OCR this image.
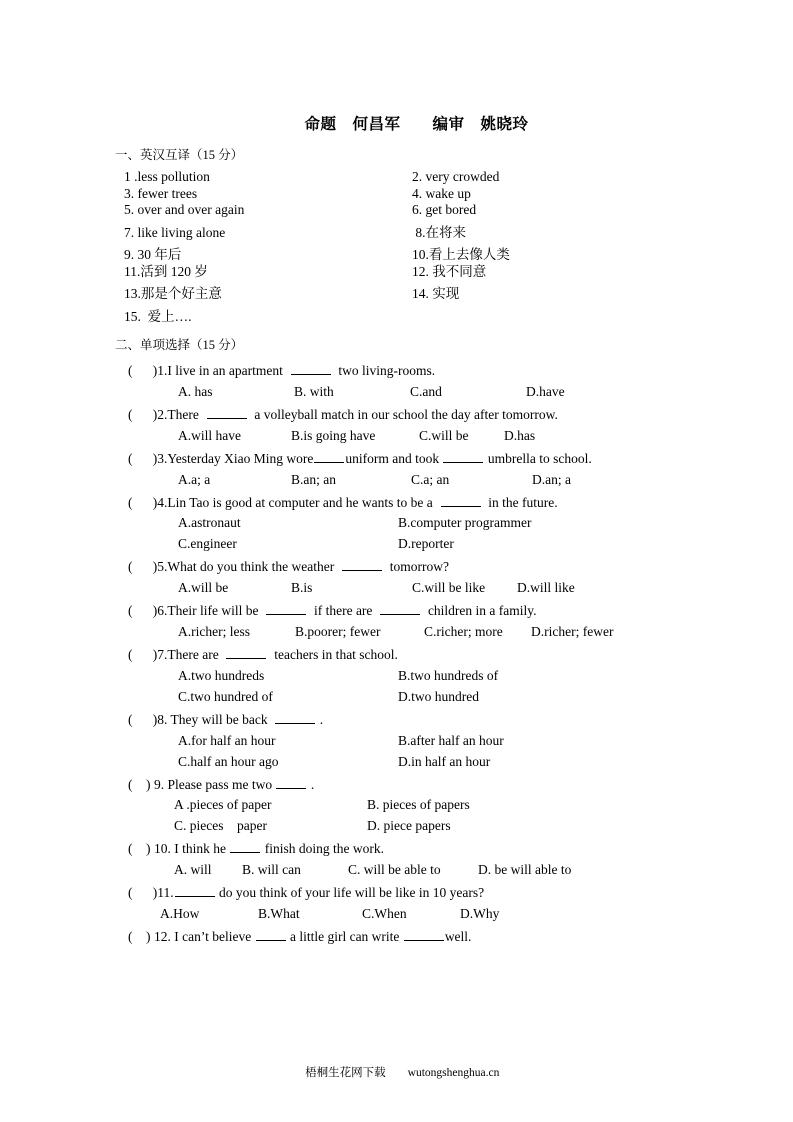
命题　何昌军　　编审　姚晓玲
一、英汉互译（15 分）
1 .less pollution	2. very crowded
3. fewer trees	4. wake up
5. over and over again	6. get bored
7. like living alone	8.在将来
9. 30 年后	10.看上去像人类
11.活到 120 岁	12. 我不同意
13.那是个好主意	14. 实现
15.  爱上….
二、单项选择（15 分）
(      )1.I live in an apartment	two living-rooms.
A. has	B. with	C.and	D.have
(      )2.There	a volleyball match in our school the day after tomorrow.
A.will have	B.is going have	C.will be	D.has
(      )3.Yesterday Xiao Ming wore uniform and took	umbrella to school.
A.a; a	B.an; an	C.a; an	D.an; a
(      )4.Lin Tao is good at computer and he wants to be a	in the future.
A.astronaut	B.computer programmer
C.engineer	D.reporter
(      )5.What do you think the weather	tomorrow?
A.will be	B.is	C.will be like	D.will like
(      )6.Their life will be	if there are	children in a family.
A.richer; less	B.poorer; fewer	C.richer; more	D.richer; fewer
(      )7.There are	teachers in that school.
A.two hundreds	B.two hundreds of
C.two hundred of	D.two hundred
(      )8. They will be back	.
A.for half an hour	B.after half an hour
C.half an hour ago	D.in half an hour
(    ) 9. Please pass me two  .
A .pieces of paper	B. pieces of papers
C. pieces    paper	D. piece papers
(    ) 10. I think he  finish doing the work.
A. will	B. will can	C. will be able to	D. be will able to
(      )11.	do you think of your life will be like in 10 years?
A.How	B.What	C.When	D.Why
(    ) 12. I can’t believe  a little girl can write	well.

梧桐生花网下载 wutongshenghua.cn
